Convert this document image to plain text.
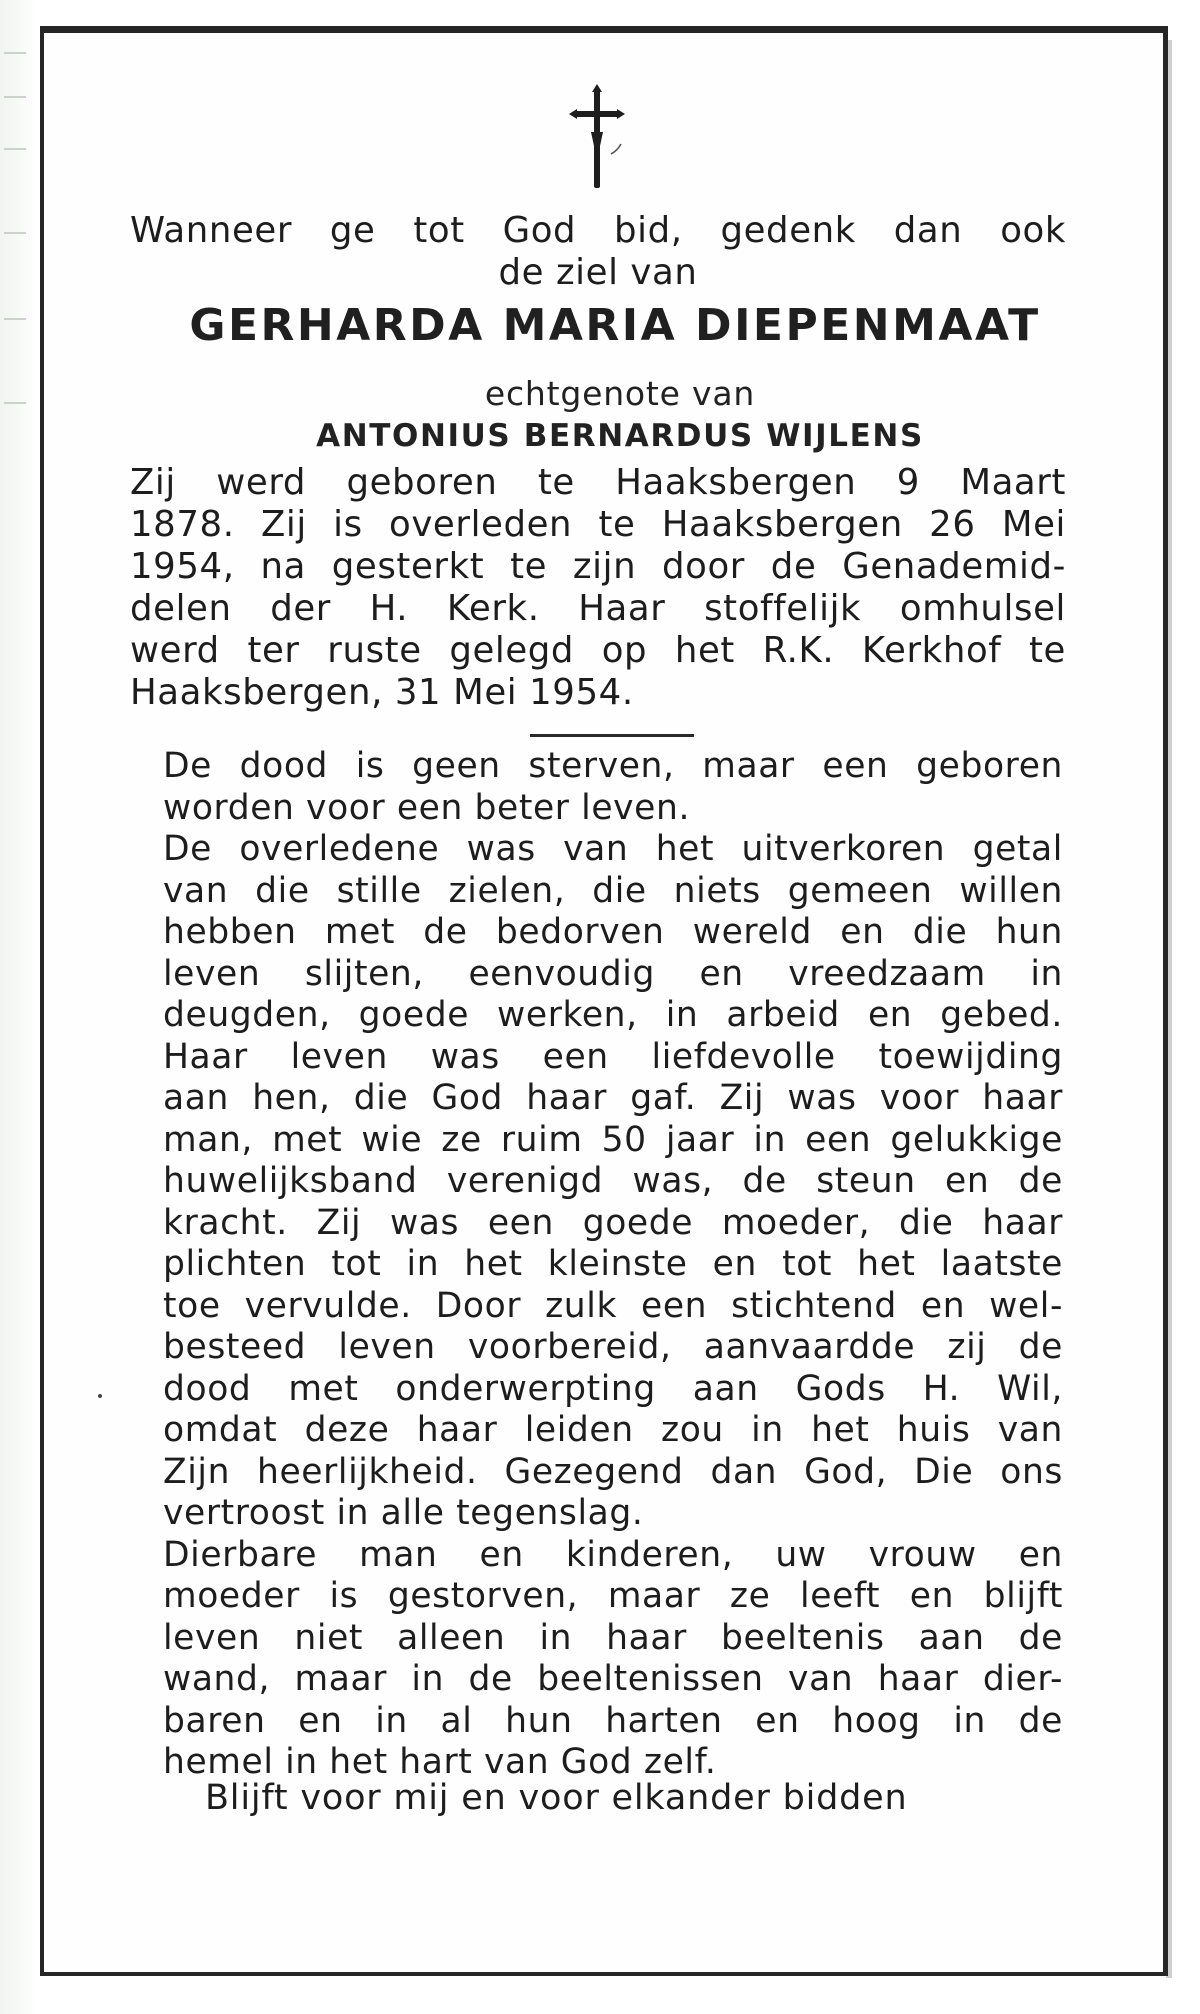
Wanneer ge tot God bid, gedenk dan ook
de ziel van
GERHARDA MARIA DIEPENMAAT
echtgenote van
ANTONIUS BERNARDUS WIJLENS
Zij werd geboren te Haaksbergen 9 Maart
1878. Zij is overleden te Haaksbergen 26 Mei
1954, na gesterkt te zijn door de Genademid-
delen der H. Kerk. Haar stoffelijk omhulsel
werd ter ruste gelegd op het R.K. Kerkhof te
Haaksbergen, 31 Mei 1954.
De dood is geen sterven, maar een geboren
worden voor een beter leven.
De overledene was van het uitverkoren getal
van die stille zielen, die niets gemeen willen
hebben met de bedorven wereld en die hun
leven slijten, eenvoudig en vreedzaam in
deugden, goede werken, in arbeid en gebed.
Haar leven was een liefdevolle toewijding
aan hen, die God haar gaf. Zij was voor haar
man, met wie ze ruim 50 jaar in een gelukkige
huwelijksband verenigd was, de steun en de
kracht. Zij was een goede moeder, die haar
plichten tot in het kleinste en tot het laatste
toe vervulde. Door zulk een stichtend en wel-
besteed leven voorbereid, aanvaardde zij de
dood met onderwerpting aan Gods H. Wil,
omdat deze haar leiden zou in het huis van
Zijn heerlijkheid. Gezegend dan God, Die ons
vertroost in alle tegenslag.
Dierbare man en kinderen, uw vrouw en
moeder is gestorven, maar ze leeft en blijft
leven niet alleen in haar beeltenis aan de
wand, maar in de beeltenissen van haar dier-
baren en in al hun harten en hoog in de
hemel in het hart van God zelf.
Blijft voor mij en voor elkander bidden
